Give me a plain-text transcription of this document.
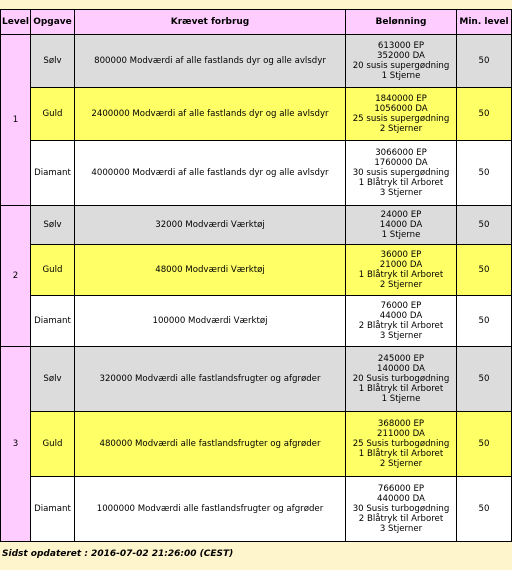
Level	Opgave	Krævet forbrug	Belønning	Min. level
1	Sølv	800000 Modværdi af alle fastlands dyr og alle avlsdyr	613000 EP
352000 DA
20 susis supergødning
1 Stjerne	50
	Guld	2400000 Modværdi af alle fastlands dyr og alle avlsdyr	1840000 EP
1056000 DA
25 susis supergødning
2 Stjerner	50
	Diamant	4000000 Modværdi af alle fastlands dyr og alle avlsdyr	3066000 EP
1760000 DA
30 susis supergødning
1 Blåtryk til Arboret
3 Stjerner	50
2	Sølv	32000 Modværdi Værktøj	24000 EP
14000 DA
1 Stjerne	50
	Guld	48000 Modværdi Værktøj	36000 EP
21000 DA
1 Blåtryk til Arboret
2 Stjerner	50
	Diamant	100000 Modværdi Værktøj	76000 EP
44000 DA
2 Blåtryk til Arboret
3 Stjerner	50
3	Sølv	320000 Modværdi alle fastlandsfrugter og afgrøder	245000 EP
140000 DA
20 Susis turbogødning
1 Blåtryk til Arboret
1 Stjerne	50
	Guld	480000 Modværdi alle fastlandsfrugter og afgrøder	368000 EP
211000 DA
25 Susis turbogødning
1 Blåtryk til Arboret
2 Stjerner	50
	Diamant	1000000 Modværdi alle fastlandsfrugter og afgrøder	766000 EP
440000 DA
30 Susis turbogødning
2 Blåtryk til Arboret
3 Stjerner	50
Sidst opdateret : 2016-07-02 21:26:00 (CEST)
